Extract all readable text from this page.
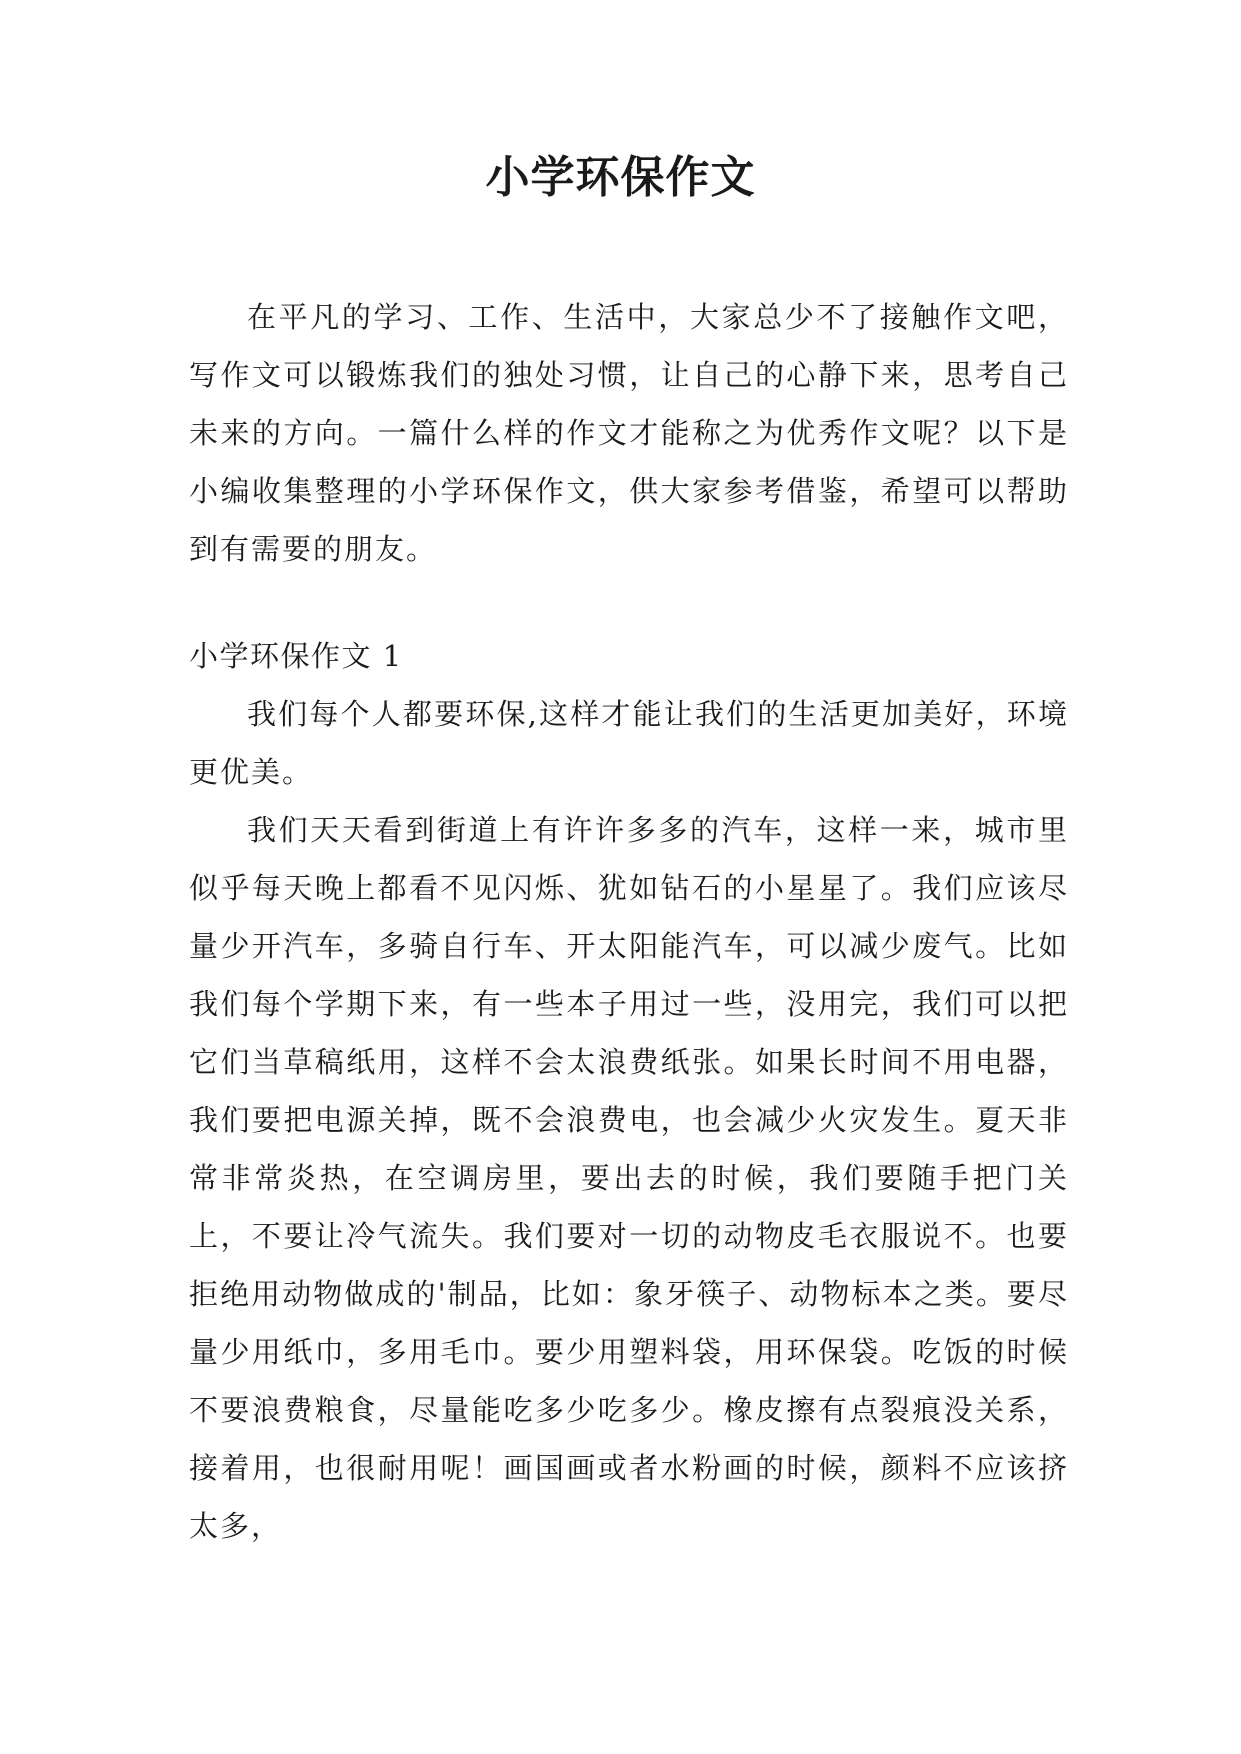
小学环保作文

在平凡的学习、工作、生活中，大家总少不了接触作文吧，写作文可以锻炼我们的独处习惯，让自己的心静下来，思考自己未来的方向。一篇什么样的作文才能称之为优秀作文呢？以下是小编收集整理的小学环保作文，供大家参考借鉴，希望可以帮助到有需要的朋友。

小学环保作文 1

我们每个人都要环保,这样才能让我们的生活更加美好，环境更优美。

我们天天看到街道上有许许多多的汽车，这样一来，城市里似乎每天晚上都看不见闪烁、犹如钻石的小星星了。我们应该尽量少开汽车，多骑自行车、开太阳能汽车，可以减少废气。比如我们每个学期下来，有一些本子用过一些，没用完，我们可以把它们当草稿纸用，这样不会太浪费纸张。如果长时间不用电器，我们要把电源关掉，既不会浪费电，也会减少火灾发生。夏天非常非常炎热，在空调房里，要出去的时候，我们要随手把门关上，不要让冷气流失。我们要对一切的动物皮毛衣服说不。也要拒绝用动物做成的'制品，比如：象牙筷子、动物标本之类。要尽量少用纸巾，多用毛巾。要少用塑料袋，用环保袋。吃饭的时候不要浪费粮食，尽量能吃多少吃多少。橡皮擦有点裂痕没关系，接着用，也很耐用呢！画国画或者水粉画的时候，颜料不应该挤太多，
